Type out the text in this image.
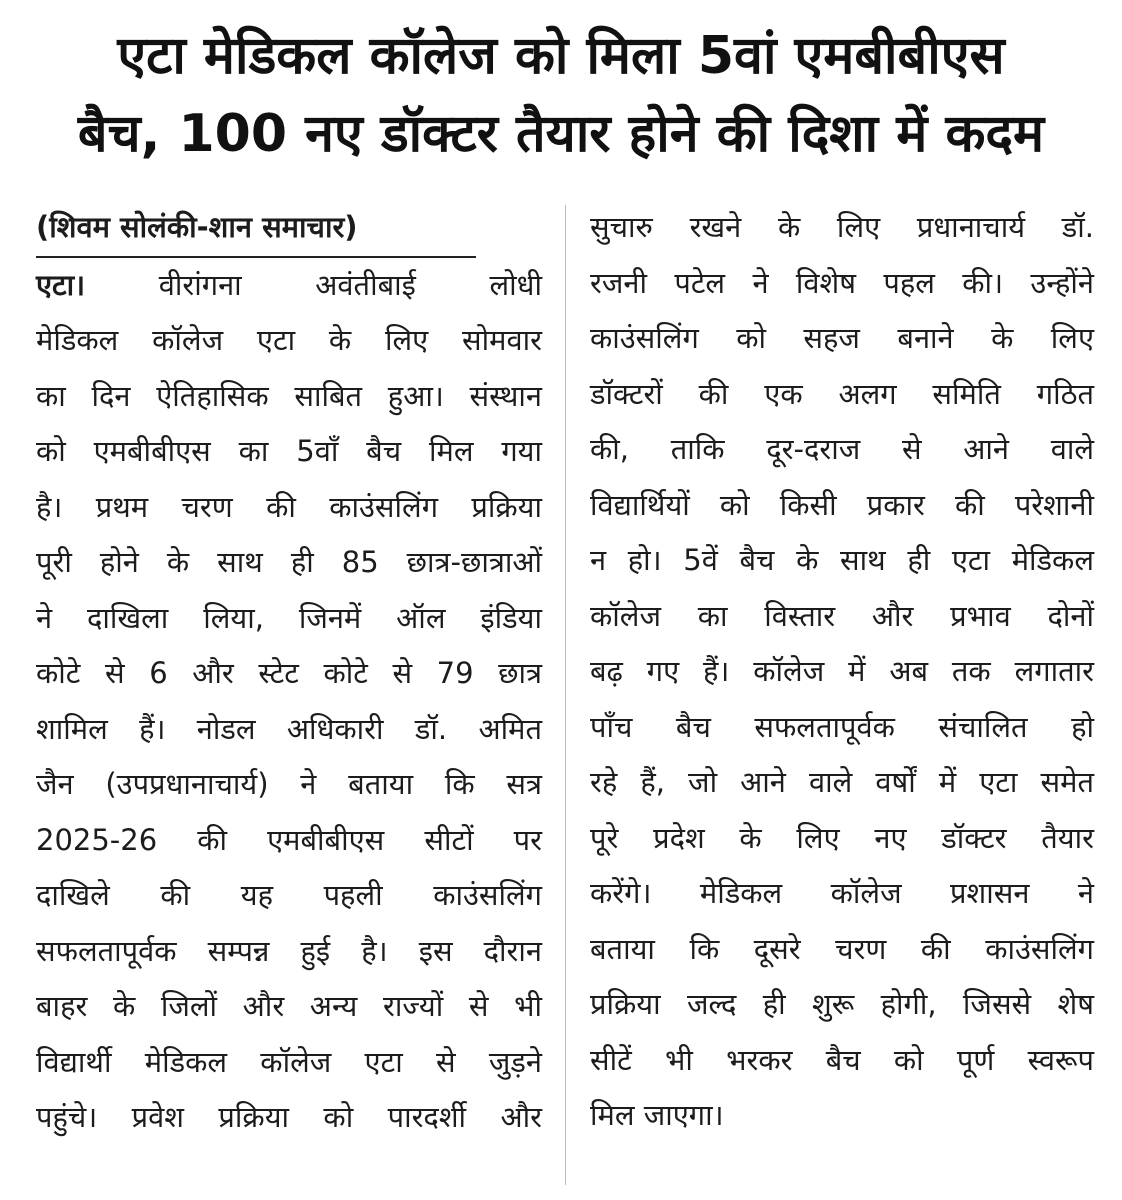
एटा मेडिकल कॉलेज को मिला 5वां एमबीबीएस
बैच, 100 नए डॉक्टर तैयार होने की दिशा में कदम
(शिवम सोलंकी-शान समाचार)
एटा।	वीरांगना अवंतीबाई लोधी
मेडिकल कॉलेज एटा के लिए सोमवार
का दिन ऐतिहासिक साबित हुआ। संस्थान
को एमबीबीएस का 5वाँ बैच मिल गया
है। प्रथम चरण की काउंसलिंग प्रक्रिया
पूरी होने के साथ ही 85 छात्र-छात्राओं
ने दाखिला लिया, जिनमें ऑल इंडिया
कोटे से 6 और स्टेट कोटे से 79 छात्र
शामिल हैं। नोडल अधिकारी डॉ. अमित
जैन (उपप्रधानाचार्य) ने बताया कि सत्र
2025-26 की एमबीबीएस सीटों पर
दाखिले की यह पहली काउंसलिंग
सफलतापूर्वक सम्पन्न हुई है। इस दौरान
बाहर के जिलों और अन्य राज्यों से भी
विद्यार्थी मेडिकल कॉलेज एटा से जुड़ने
पहुंचे। प्रवेश प्रक्रिया को पारदर्शी और
सुचारु रखने के लिए प्रधानाचार्य डॉ.
रजनी पटेल ने विशेष पहल की। उन्होंने
काउंसलिंग को सहज बनाने के लिए
डॉक्टरों की एक अलग समिति गठित
की, ताकि दूर-दराज से आने वाले
विद्यार्थियों को किसी प्रकार की परेशानी
न हो। 5वें बैच के साथ ही एटा मेडिकल
कॉलेज का विस्तार और प्रभाव दोनों
बढ़ गए हैं। कॉलेज में अब तक लगातार
पाँच बैच सफलतापूर्वक संचालित हो
रहे हैं, जो आने वाले वर्षों में एटा समेत
पूरे प्रदेश के लिए नए डॉक्टर तैयार
करेंगे। मेडिकल कॉलेज प्रशासन ने
बताया कि दूसरे चरण की काउंसलिंग
प्रक्रिया जल्द ही शुरू होगी, जिससे शेष
सीटें भी भरकर बैच को पूर्ण स्वरूप
मिल जाएगा।
